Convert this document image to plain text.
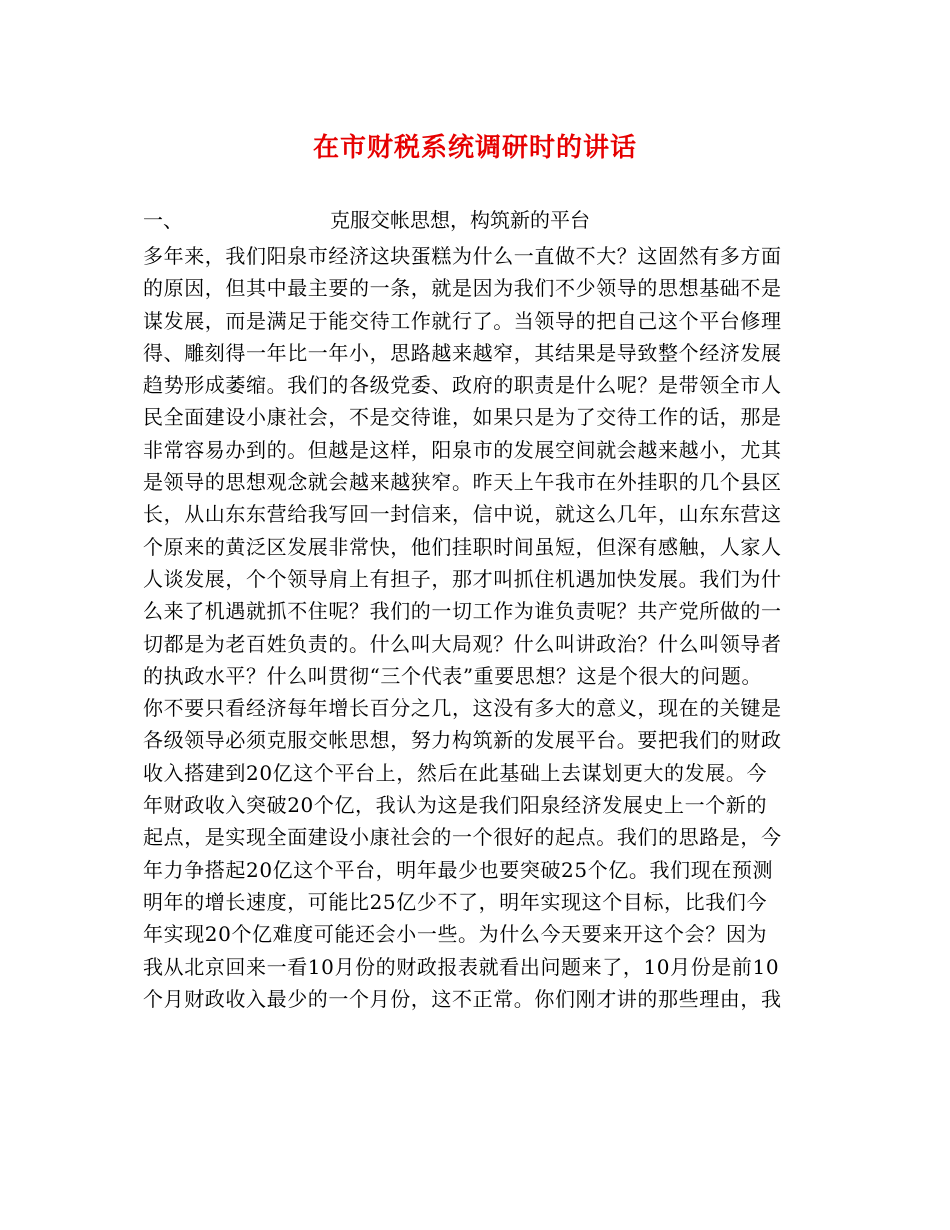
在市财税系统调研时的讲话
一、	克服交帐思想，构筑新的平台
多年来，我们阳泉市经济这块蛋糕为什么一直做不大？这固然有多方面
的原因，但其中最主要的一条，就是因为我们不少领导的思想基础不是
谋发展，而是满足于能交待工作就行了。当领导的把自己这个平台修理
得、雕刻得一年比一年小，思路越来越窄，其结果是导致整个经济发展
趋势形成萎缩。我们的各级党委、政府的职责是什么呢？是带领全市人
民全面建设小康社会，不是交待谁，如果只是为了交待工作的话，那是
非常容易办到的。但越是这样，阳泉市的发展空间就会越来越小，尤其
是领导的思想观念就会越来越狭窄。昨天上午我市在外挂职的几个县区
长，从山东东营给我写回一封信来，信中说，就这么几年，山东东营这
个原来的黄泛区发展非常快，他们挂职时间虽短，但深有感触，人家人
人谈发展，个个领导肩上有担子，那才叫抓住机遇加快发展。我们为什
么来了机遇就抓不住呢？我们的一切工作为谁负责呢？共产党所做的一
切都是为老百姓负责的。什么叫大局观？什么叫讲政治？什么叫领导者
的执政水平？什么叫贯彻“三个代表”重要思想？这是个很大的问题。
你不要只看经济每年增长百分之几，这没有多大的意义，现在的关键是
各级领导必须克服交帐思想，努力构筑新的发展平台。要把我们的财政
收入搭建到20亿这个平台上，然后在此基础上去谋划更大的发展。今
年财政收入突破20个亿，我认为这是我们阳泉经济发展史上一个新的
起点，是实现全面建设小康社会的一个很好的起点。我们的思路是，今
年力争搭起20亿这个平台，明年最少也要突破25个亿。我们现在预测
明年的增长速度，可能比25亿少不了，明年实现这个目标，比我们今
年实现20个亿难度可能还会小一些。为什么今天要来开这个会？因为
我从北京回来一看10月份的财政报表就看出问题来了，10月份是前10
个月财政收入最少的一个月份，这不正常。你们刚才讲的那些理由，我
